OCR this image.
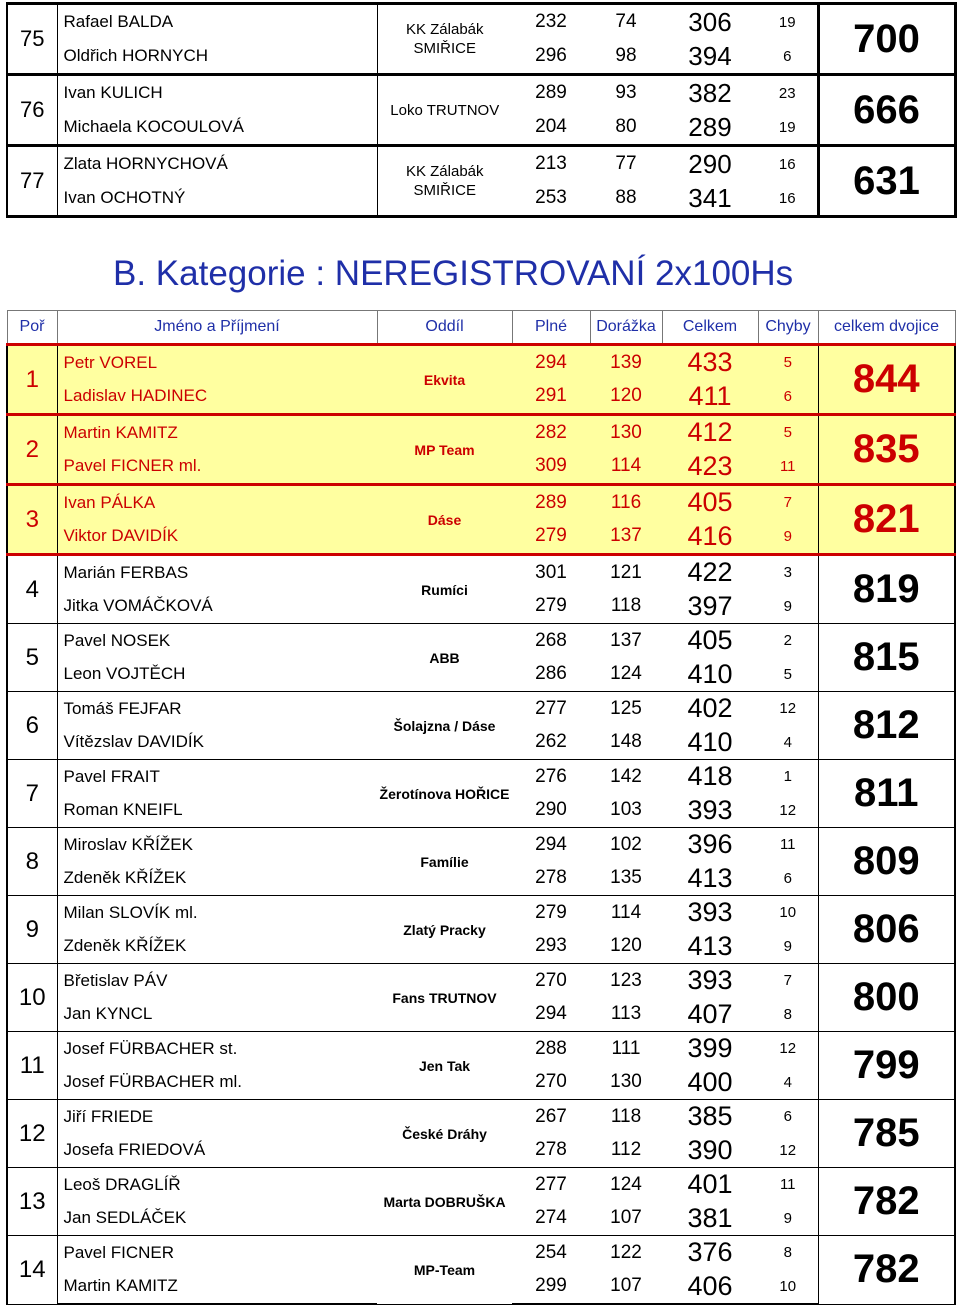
75	Rafael BALDA	KK Zálabák SMIŘICE	232	74	306	19	700
	Oldřich HORNYCH		296	98	394	6	
76	Ivan KULICH	Loko TRUTNOV	289	93	382	23	666
	Michaela KOCOULOVÁ		204	80	289	19	
77	Zlata HORNYCHOVÁ	KK Zálabák SMIŘICE	213	77	290	16	631
	Ivan OCHOTNÝ		253	88	341	16	
B. Kategorie : NEREGISTROVANÍ 2x100Hs
Poř	Jméno a Příjmení	Oddíl	Plné	Dorážka	Celkem	Chyby	celkem dvojice
1	Petr VOREL	Ekvita	294	139	433	5	844
	Ladislav HADINEC		291	120	411	6	
2	Martin KAMITZ	MP Team	282	130	412	5	835
	Pavel FICNER ml.		309	114	423	11	
3	Ivan PÁLKA	Dáse	289	116	405	7	821
	Viktor DAVIDÍK		279	137	416	9	
4	Marián FERBAS	Rumíci	301	121	422	3	819
	Jitka VOMÁČKOVÁ		279	118	397	9	
5	Pavel NOSEK	ABB	268	137	405	2	815
	Leon VOJTĚCH		286	124	410	5	
6	Tomáš FEJFAR	Šolajzna / Dáse	277	125	402	12	812
	Vítězslav DAVIDÍK		262	148	410	4	
7	Pavel FRAIT	Žerotínova HOŘICE	276	142	418	1	811
	Roman KNEIFL		290	103	393	12	
8	Miroslav KŘÍŽEK	Famílie	294	102	396	11	809
	Zdeněk KŘÍŽEK		278	135	413	6	
9	Milan SLOVÍK ml.	Zlatý Pracky	279	114	393	10	806
	Zdeněk KŘÍŽEK		293	120	413	9	
10	Břetislav PÁV	Fans TRUTNOV	270	123	393	7	800
	Jan KYNCL		294	113	407	8	
11	Josef FÜRBACHER st.	Jen Tak	288	111	399	12	799
	Josef FÜRBACHER ml.		270	130	400	4	
12	Jiří FRIEDE	České Dráhy	267	118	385	6	785
	Josefa FRIEDOVÁ		278	112	390	12	
13	Leoš DRAGLÍŘ	Marta DOBRUŠKA	277	124	401	11	782
	Jan SEDLÁČEK		274	107	381	9	
14	Pavel FICNER	MP-Team	254	122	376	8	782
	Martin KAMITZ		299	107	406	10	
